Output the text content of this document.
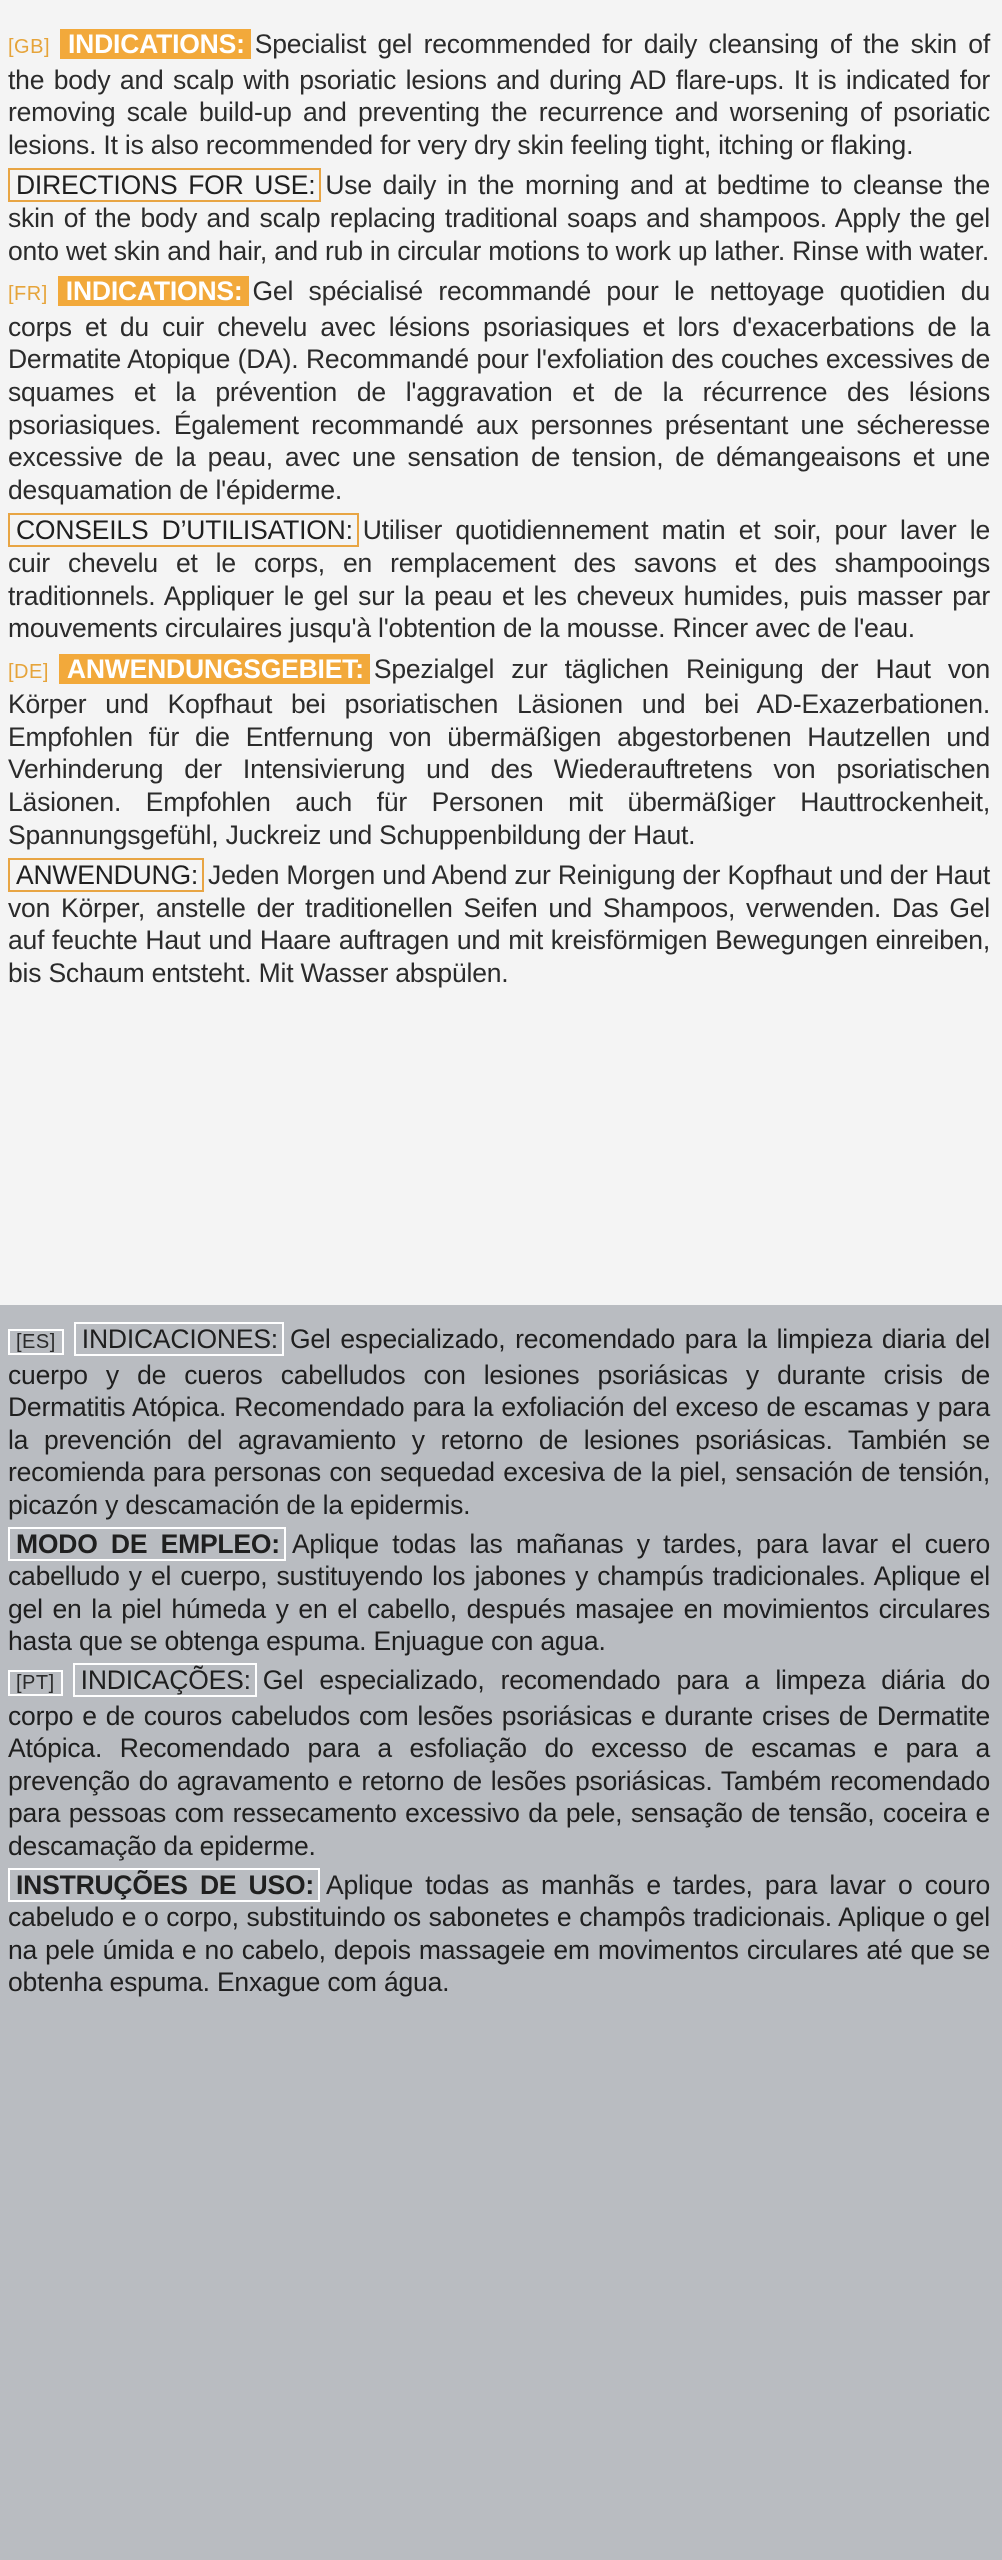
[GB] INDICATIONS: Specialist gel recommended for daily cleansing of the skin of the body and scalp with psoriatic lesions and during AD flare-ups. It is indicated for removing scale build-up and preventing the recurrence and worsening of psoriatic lesions. It is also recommended for very dry skin feeling tight, itching or flaking.

DIRECTIONS FOR USE: Use daily in the morning and at bedtime to cleanse the skin of the body and scalp replacing traditional soaps and shampoos. Apply the gel onto wet skin and hair, and rub in circular motions to work up lather. Rinse with water.

[FR] INDICATIONS: Gel spécialisé recommandé pour le nettoyage quotidien du corps et du cuir chevelu avec lésions psoriasiques et lors d'exacerbations de la Dermatite Atopique (DA). Recommandé pour l'exfoliation des couches excessives de squames et la prévention de l'aggravation et de la récurrence des lésions psoriasiques. Également recommandé aux personnes présentant une sécheresse excessive de la peau, avec une sensation de tension, de démangeaisons et une desquamation de l'épiderme.

CONSEILS D’UTILISATION: Utiliser quotidiennement matin et soir, pour laver le cuir chevelu et le corps, en remplacement des savons et des shampooings traditionnels. Appliquer le gel sur la peau et les cheveux humides, puis masser par mouvements circulaires jusqu'à l'obtention de la mousse. Rincer avec de l'eau.

[DE] ANWENDUNGSGEBIET: Spezialgel zur täglichen Reinigung der Haut von Körper und Kopfhaut bei psoriatischen Läsionen und bei AD-Exazerbationen. Empfohlen für die Entfernung von übermäßigen abgestorbenen Hautzellen und Verhinderung der Intensivierung und des Wiederauftretens von psoriatischen Läsionen. Empfohlen auch für Personen mit übermäßiger Hauttrockenheit, Spannungsgefühl, Juckreiz und Schuppenbildung der Haut.

ANWENDUNG: Jeden Morgen und Abend zur Reinigung der Kopfhaut und der Haut von Körper, anstelle der traditionellen Seifen und Shampoos, verwenden. Das Gel auf feuchte Haut und Haare auftragen und mit kreisförmigen Bewegungen einreiben, bis Schaum entsteht. Mit Wasser abspülen.

[ES] INDICACIONES: Gel especializado, recomendado para la limpieza diaria del cuerpo y de cueros cabelludos con lesiones psoriásicas y durante crisis de Dermatitis Atópica. Recomendado para la exfoliación del exceso de escamas y para la prevención del agravamiento y retorno de lesiones psoriásicas. También se recomienda para personas con sequedad excesiva de la piel, sensación de tensión, picazón y descamación de la epidermis.

MODO DE EMPLEO: Aplique todas las mañanas y tardes, para lavar el cuero cabelludo y el cuerpo, sustituyendo los jabones y champús tradicionales. Aplique el gel en la piel húmeda y en el cabello, después masajee en movimientos circulares hasta que se obtenga espuma. Enjuague con agua.

[PT] INDICAÇÕES: Gel especializado, recomendado para a limpeza diária do corpo e de couros cabeludos com lesões psoriásicas e durante crises de Dermatite Atópica. Recomendado para a esfoliação do excesso de escamas e para a prevenção do agravamento e retorno de lesões psoriásicas. Também recomendado para pessoas com ressecamento excessivo da pele, sensação de tensão, coceira e descamação da epiderme.

INSTRUÇÕES DE USO: Aplique todas as manhãs e tardes, para lavar o couro cabeludo e o corpo, substituindo os sabonetes e champôs tradicionais. Aplique o gel na pele úmida e no cabelo, depois massageie em movimentos circulares até que se obtenha espuma. Enxague com água.
